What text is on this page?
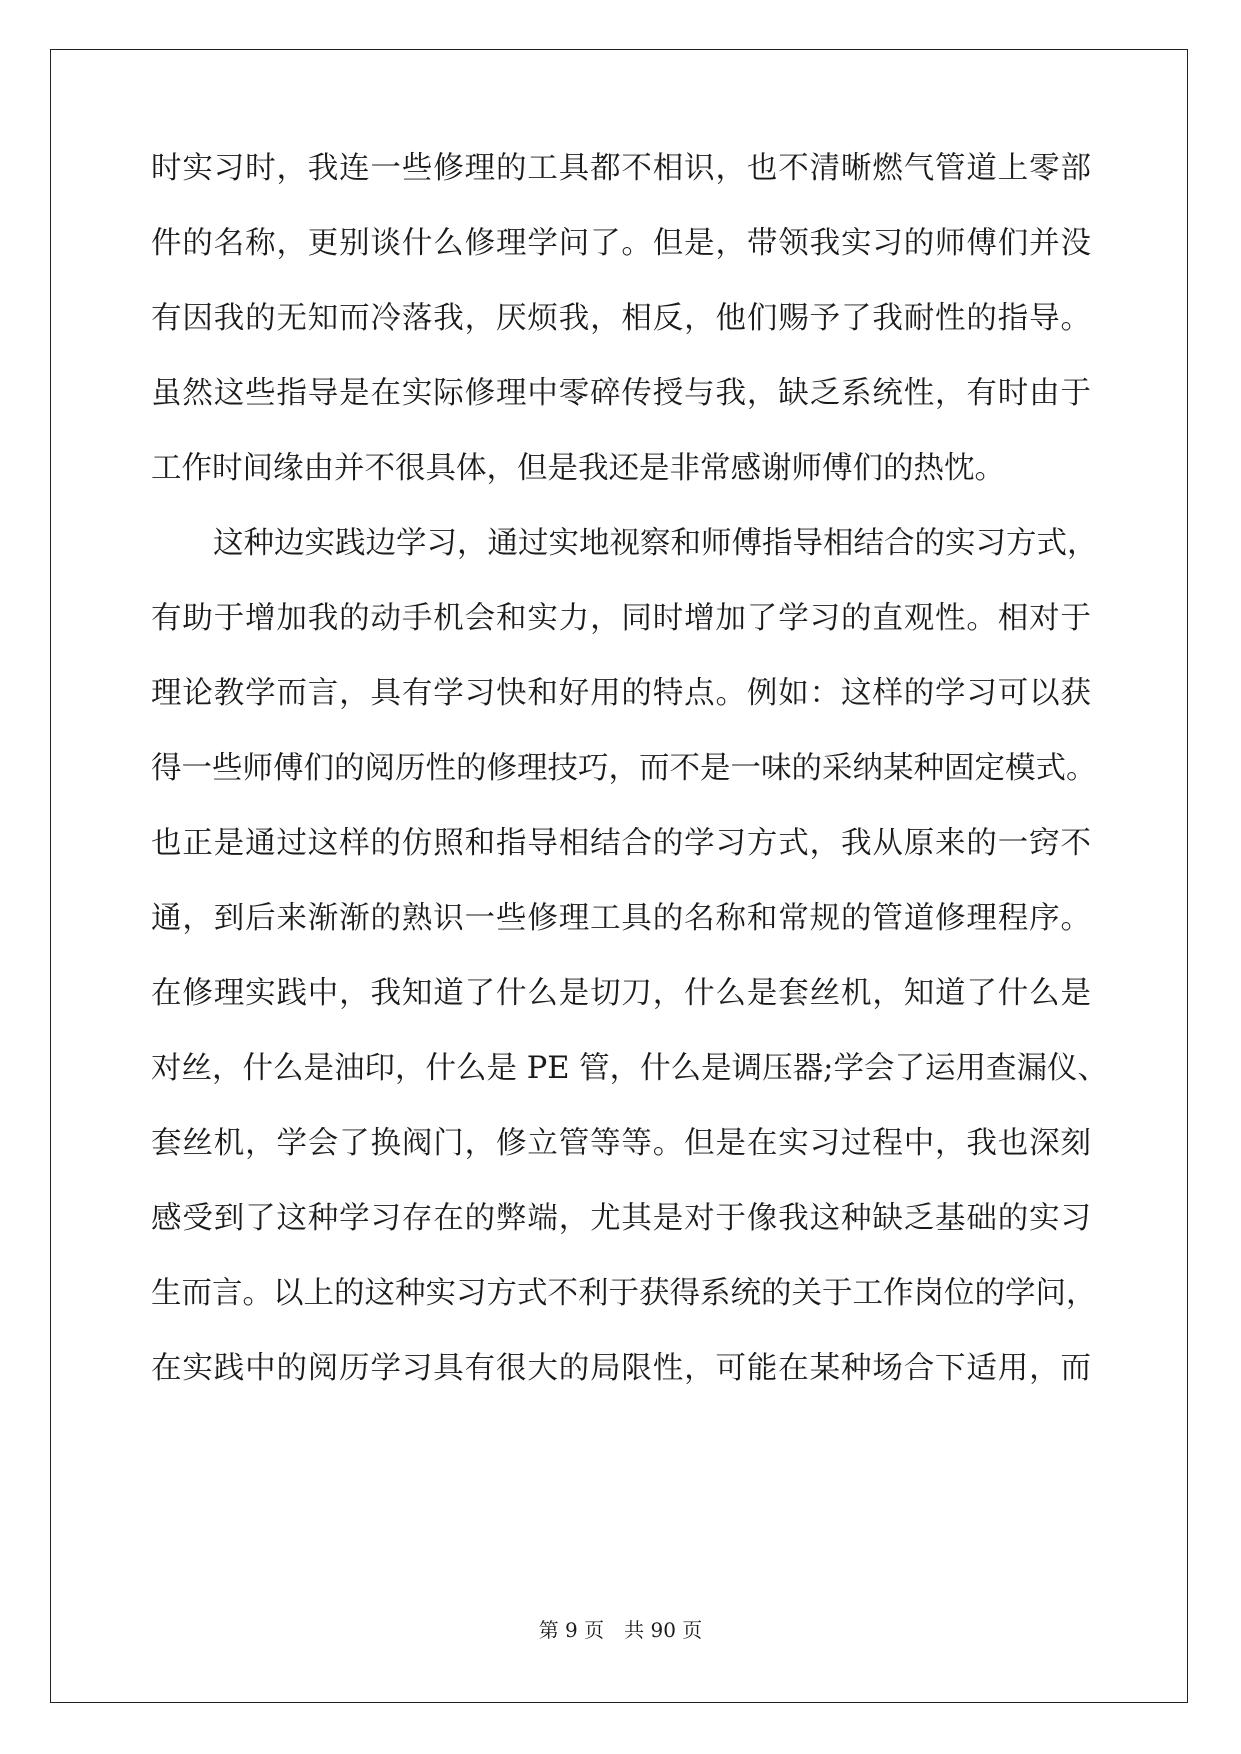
时实习时，我连一些修理的工具都不相识，也不清晰燃气管道上零部
件的名称，更别谈什么修理学问了。但是，带领我实习的师傅们并没
有因我的无知而冷落我，厌烦我，相反，他们赐予了我耐性的指导。
虽然这些指导是在实际修理中零碎传授与我，缺乏系统性，有时由于
工作时间缘由并不很具体，但是我还是非常感谢师傅们的热忱。
这种边实践边学习，通过实地视察和师傅指导相结合的实习方式，
有助于增加我的动手机会和实力，同时增加了学习的直观性。相对于
理论教学而言，具有学习快和好用的特点。例如：这样的学习可以获
得一些师傅们的阅历性的修理技巧，而不是一味的采纳某种固定模式。
也正是通过这样的仿照和指导相结合的学习方式，我从原来的一窍不
通，到后来渐渐的熟识一些修理工具的名称和常规的管道修理程序。
在修理实践中，我知道了什么是切刀，什么是套丝机，知道了什么是
对丝，什么是油印，什么是 PE 管，什么是调压器;学会了运用查漏仪、
套丝机，学会了换阀门，修立管等等。但是在实习过程中，我也深刻
感受到了这种学习存在的弊端，尤其是对于像我这种缺乏基础的实习
生而言。以上的这种实习方式不利于获得系统的关于工作岗位的学问，
在实践中的阅历学习具有很大的局限性，可能在某种场合下适用，而
第 9 页 共 90 页
